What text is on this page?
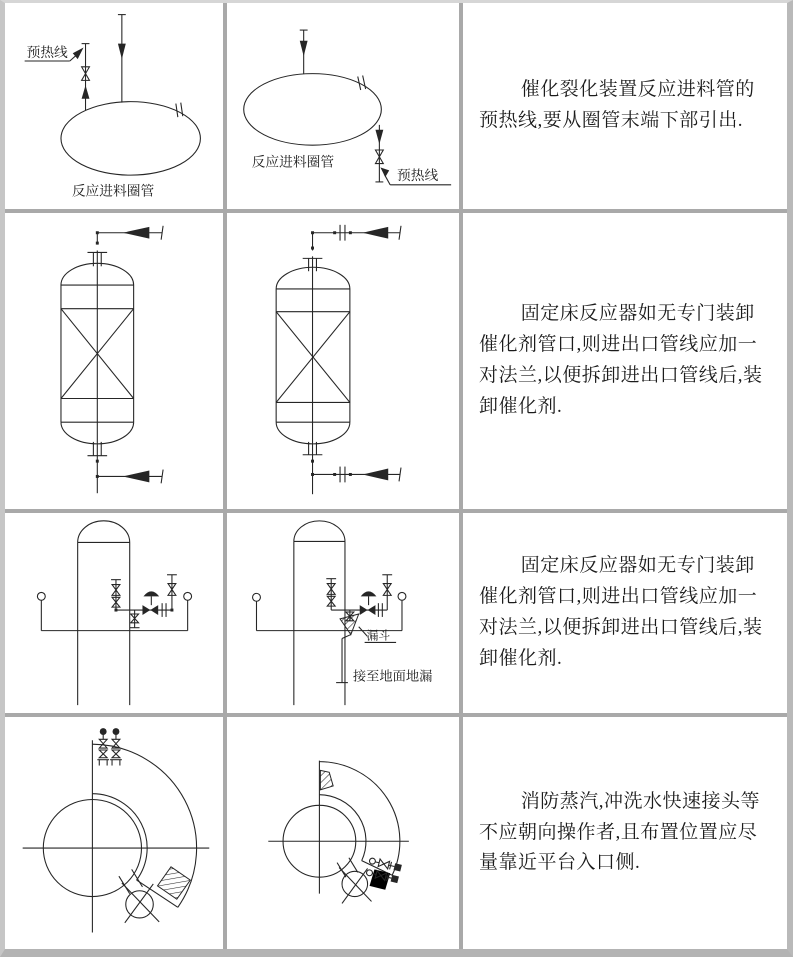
预热线
反应进料圈管
预热线
反应进料圈管

催化裂化装置反应进料管的预热线,要从圈管末端下部引出.

固定床反应器如无专门装卸催化剂管口,则进出口管线应加一对法兰,以便拆卸进出口管线后,装卸催化剂.

漏斗
接至地面地漏

固定床反应器如无专门装卸催化剂管口,则进出口管线应加一对法兰,以便拆卸进出口管线后,装卸催化剂.

消防蒸汽,冲洗水快速接头等不应朝向操作者,且布置位置应尽量靠近平台入口侧.
